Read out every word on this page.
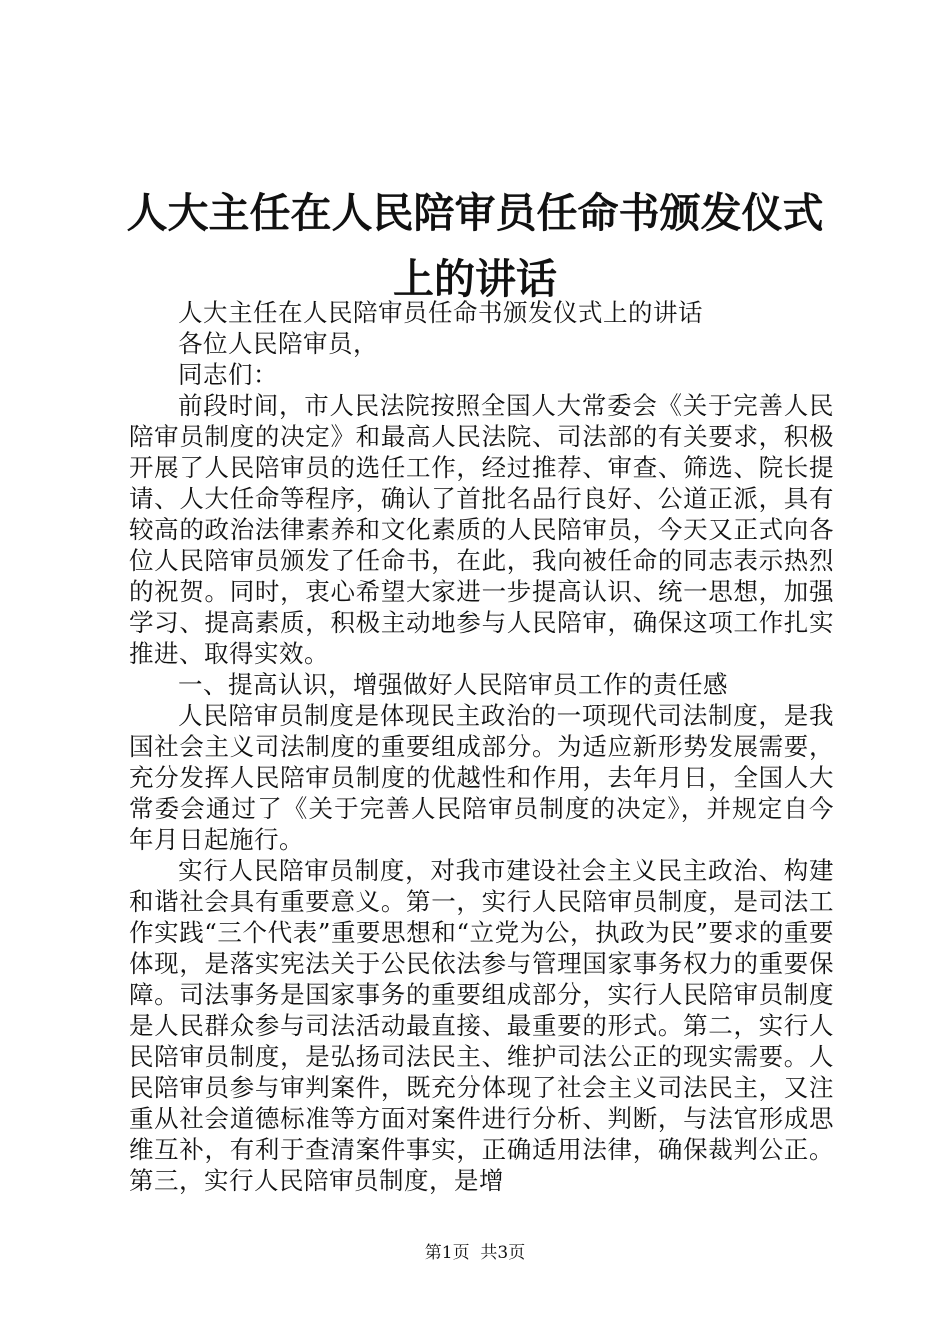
人大主任在人民陪审员任命书颁发仪式上的讲话

人大主任在人民陪审员任命书颁发仪式上的讲话

各位人民陪审员，

同志们：

前段时间，市人民法院按照全国人大常委会《关于完善人民陪审员制度的决定》和最高人民法院、司法部的有关要求，积极开展了人民陪审员的选任工作，经过推荐、审查、筛选、院长提请、人大任命等程序，确认了首批名品行良好、公道正派，具有较高的政治法律素养和文化素质的人民陪审员，今天又正式向各位人民陪审员颁发了任命书，在此，我向被任命的同志表示热烈的祝贺。同时，衷心希望大家进一步提高认识、统一思想，加强学习、提高素质，积极主动地参与人民陪审，确保这项工作扎实推进、取得实效。

一、提高认识，增强做好人民陪审员工作的责任感

人民陪审员制度是体现民主政治的一项现代司法制度，是我国社会主义司法制度的重要组成部分。为适应新形势发展需要，充分发挥人民陪审员制度的优越性和作用，去年月日，全国人大常委会通过了《关于完善人民陪审员制度的决定》，并规定自今年月日起施行。

实行人民陪审员制度，对我市建设社会主义民主政治、构建和谐社会具有重要意义。第一，实行人民陪审员制度，是司法工作实践“三个代表”重要思想和“立党为公，执政为民”要求的重要体现，是落实宪法关于公民依法参与管理国家事务权力的重要保障。司法事务是国家事务的重要组成部分，实行人民陪审员制度是人民群众参与司法活动最直接、最重要的形式。第二，实行人民陪审员制度，是弘扬司法民主、维护司法公正的现实需要。人民陪审员参与审判案件，既充分体现了社会主义司法民主，又注重从社会道德标准等方面对案件进行分析、判断，与法官形成思维互补，有利于查清案件事实，正确适用法律，确保裁判公正。第三，实行人民陪审员制度，是增

第1页  共3页
